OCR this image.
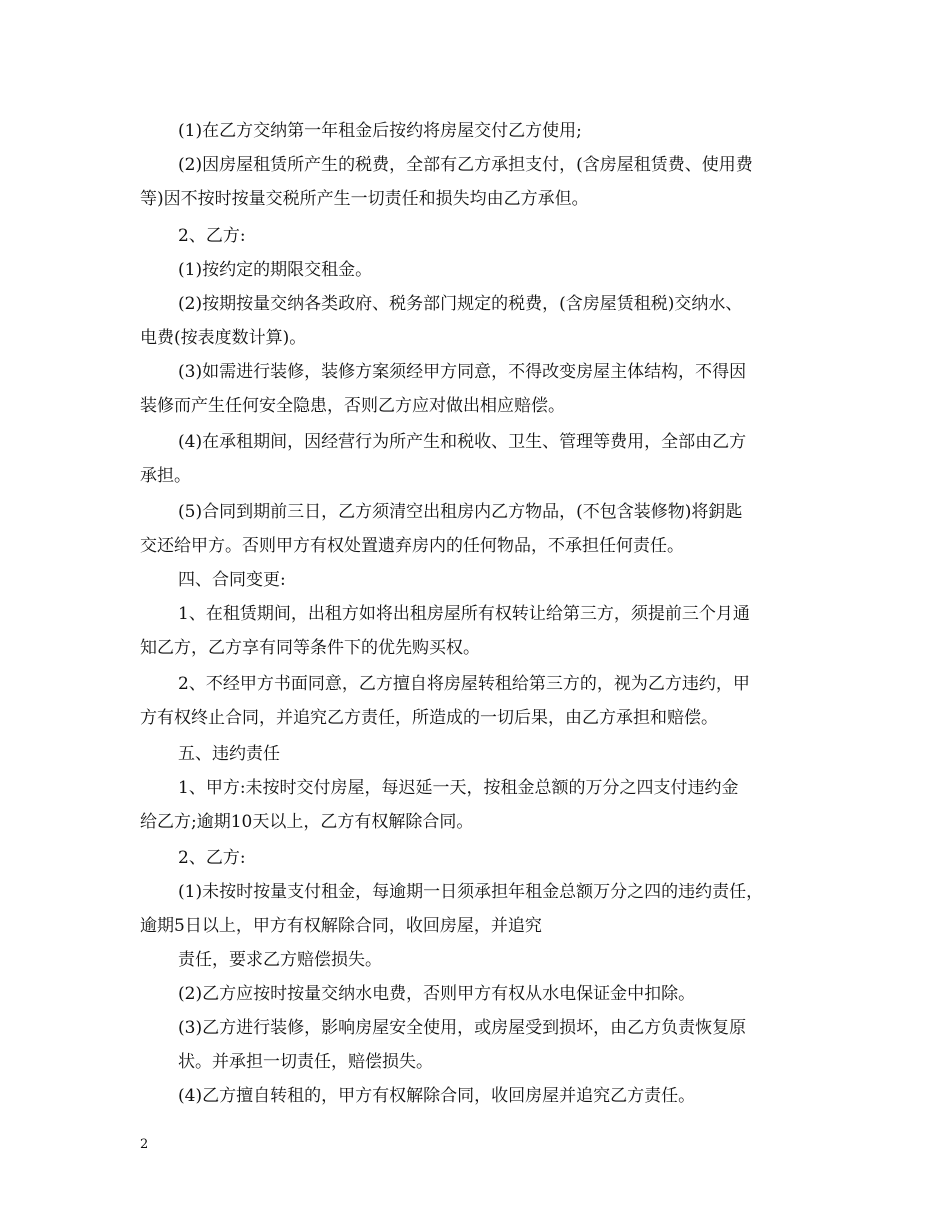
(1)在乙方交纳第一年租金后按约将房屋交付乙方使用;
(2)因房屋租赁所产生的税费，全部有乙方承担支付，(含房屋租赁费、使用费
等)因不按时按量交税所产生一切责任和损失均由乙方承但。
2、乙方:
(1)按约定的期限交租金。
(2)按期按量交纳各类政府、税务部门规定的税费，(含房屋赁租税)交纳水、
电费(按表度数计算)。
(3)如需进行装修，装修方案须经甲方同意，不得改变房屋主体结构，不得因
装修而产生任何安全隐患，否则乙方应对做出相应赔偿。
(4)在承租期间，因经营行为所产生和税收、卫生、管理等费用，全部由乙方
承担。
(5)合同到期前三日，乙方须清空出租房内乙方物品，(不包含装修物)将鈅匙
交还给甲方。否则甲方有权处置遗弃房内的任何物品，不承担任何责任。
四、合同变更:
1、在租赁期间，出租方如将出租房屋所有权转让给第三方，须提前三个月通
知乙方，乙方享有同等条件下的优先购买权。
2、不经甲方书面同意，乙方擅自将房屋转租给第三方的，视为乙方违约，甲
方有权终止合同，并追究乙方责任，所造成的一切后果，由乙方承担和赔偿。
五、违约责任
1、甲方:未按时交付房屋，每迟延一天，按租金总额的万分之四支付违约金
给乙方;逾期10天以上，乙方有权解除合同。
2、乙方:
(1)未按时按量支付租金，每逾期一日须承担年租金总额万分之四的违约责任，
逾期5日以上，甲方有权解除合同，收回房屋，并追究
责任，要求乙方赔偿损失。
(2)乙方应按时按量交纳水电费，否则甲方有权从水电保证金中扣除。
(3)乙方进行装修，影响房屋安全使用，或房屋受到损坏，由乙方负责恢复原
状。并承担一切责任，赔偿损失。
(4)乙方擅自转租的，甲方有权解除合同，收回房屋并追究乙方责任。
2
